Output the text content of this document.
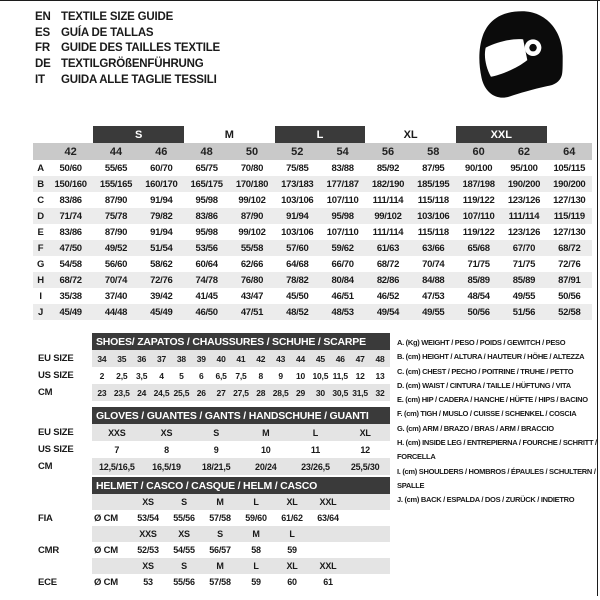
EN TEXTILE SIZE GUIDE
ES GUÍA DE TALLAS
FR GUIDE DES TAILLES TEXTILE
DE TEXTILGRÖßENFÜHRUNG
IT GUIDA ALLE TAGLIE TESSILI
		S		M		L		XL		XXL		
	42	44	46	48	50	52	54	56	58	60	62	64
A	50/60	55/65	60/70	65/75	70/80	75/85	83/88	85/92	87/95	90/100	95/100	105/115
B	150/160	155/165	160/170	165/175	170/180	173/183	177/187	182/190	185/195	187/198	190/200	190/200
C	83/86	87/90	91/94	95/98	99/102	103/106	107/110	111/114	115/118	119/122	123/126	127/130
D	71/74	75/78	79/82	83/86	87/90	91/94	95/98	99/102	103/106	107/110	111/114	115/119
E	83/86	87/90	91/94	95/98	99/102	103/106	107/110	111/114	115/118	119/122	123/126	127/130
F	47/50	49/52	51/54	53/56	55/58	57/60	59/62	61/63	63/66	65/68	67/70	68/72
G	54/58	56/60	58/62	60/64	62/66	64/68	66/70	68/72	70/74	71/75	71/75	72/76
H	68/72	70/74	72/76	74/78	76/80	78/82	80/84	82/86	84/88	85/89	85/89	87/91
I	35/38	37/40	39/42	41/45	43/47	45/50	46/51	46/52	47/53	48/54	49/55	50/56
J	45/49	44/48	45/49	46/50	47/51	48/52	48/53	49/54	49/55	50/56	51/56	52/58
	SHOES/ ZAPATOS / CHAUSSURES / SCHUHE / SCARPE														
EU SIZE	34	35	36	37	38	39	40	41	42	43	44	45	46	47	48
US SIZE	2	2,5	3,5	4	5	6	6,5	7,5	8	9	10	10,5	11,5	12	13
CM	23	23,5	24	24,5	25,5	26	27	27,5	28	28,5	29	30	30,5	31,5	32
	GLOVES / GUANTES / GANTS / HANDSCHUHE / GUANTI					
EU SIZE	XXS	XS	S	M	L	XL
US SIZE	7	8	9	10	11	12
CM	12,5/16,5	16,5/19	18/21,5	20/24	23/26,5	25,5/30
	HELMET / CASCO / CASQUE / HELM / CASCO							
		XS	S	M	L	XL	XXL	
FIA	Ø CM	53/54	55/56	57/58	59/60	61/62	63/64	
		XXS	XS	S	M	L		
CMR	Ø CM	52/53	54/55	56/57	58	59		
		XS	S	M	L	XL	XXL	
ECE	Ø CM	53	55/56	57/58	59	60	61	
A. (Kg) WEIGHT / PESO / POIDS / GEWITCH / PESO
B. (cm) HEIGHT / ALTURA / HAUTEUR / HÖHE / ALTEZZA
C. (cm) CHEST / PECHO / POITRINE / TRUHE / PETTO
D. (cm) WAIST / CINTURA / TAILLE / HÜFTUNG / VITA
E. (cm) HIP / CADERA / HANCHE / HÜFTE / HIPS / BACINO
F. (cm) TIGH / MUSLO / CUISSE / SCHENKEL / COSCIA
G. (cm) ARM / BRAZO / BRAS / ARM / BRACCIO
H. (cm) INSIDE LEG / ENTREPIERNA / FOURCHE / SCHRITT / FORCELLA
I. (cm) SHOULDERS / HOMBROS / ÉPAULES / SCHULTERN / SPALLE
J. (cm) BACK / ESPALDA / DOS / ZURÜCK / INDIETRO
